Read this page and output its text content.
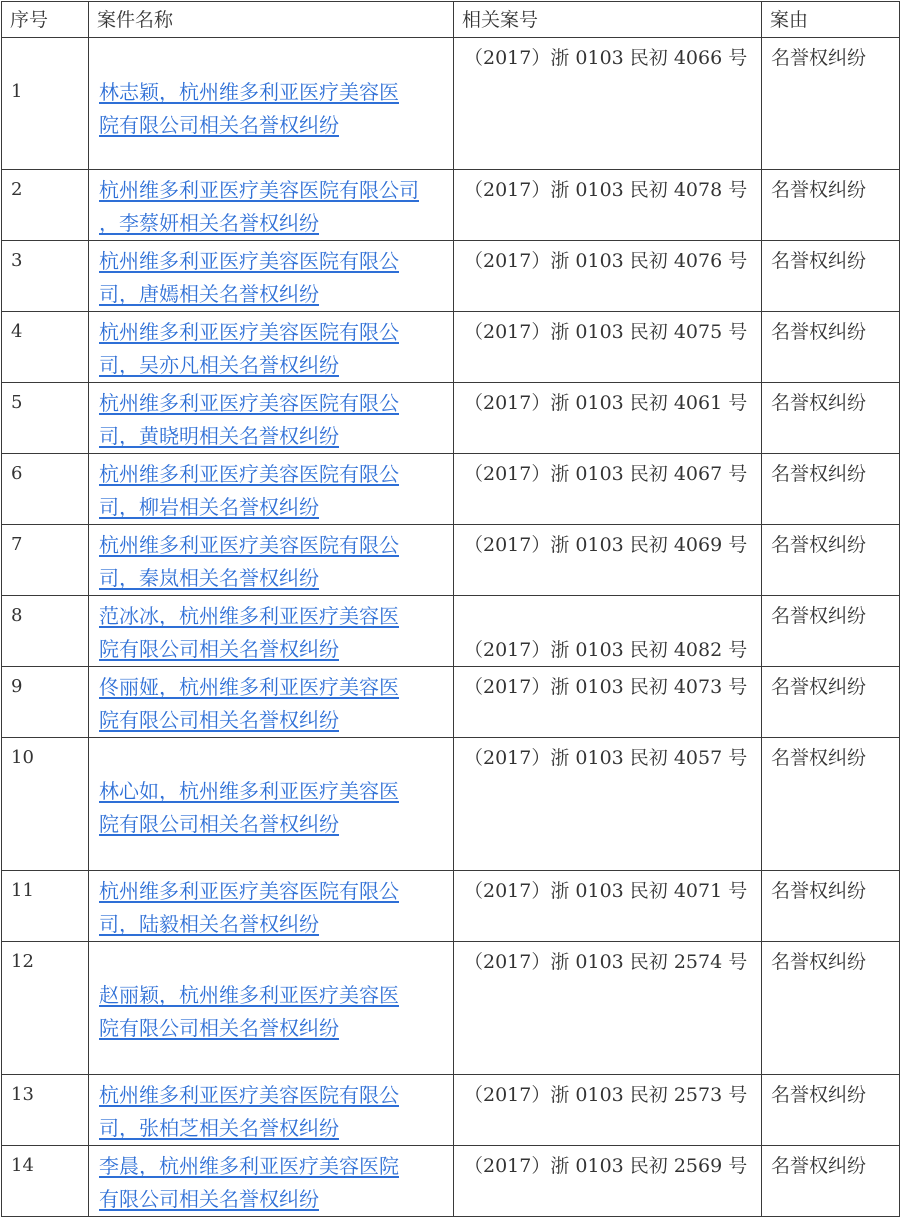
序号	案件名称	相关案号	案由

1	林志颖，杭州维多利亚医疗美容医
院有限公司相关名誉权纠纷	（2017）浙 0103 民初 4066 号	名誉权纠纷

2	杭州维多利亚医疗美容医院有限公司
，李蔡妍相关名誉权纠纷	（2017）浙 0103 民初 4078 号	名誉权纠纷

3	杭州维多利亚医疗美容医院有限公
司，唐嫣相关名誉权纠纷	（2017）浙 0103 民初 4076 号	名誉权纠纷

4	杭州维多利亚医疗美容医院有限公
司，吴亦凡相关名誉权纠纷	（2017）浙 0103 民初 4075 号	名誉权纠纷

5	杭州维多利亚医疗美容医院有限公
司，黄晓明相关名誉权纠纷	（2017）浙 0103 民初 4061 号	名誉权纠纷

6	杭州维多利亚医疗美容医院有限公
司，柳岩相关名誉权纠纷	（2017）浙 0103 民初 4067 号	名誉权纠纷

7	杭州维多利亚医疗美容医院有限公
司，秦岚相关名誉权纠纷	（2017）浙 0103 民初 4069 号	名誉权纠纷

8	范冰冰，杭州维多利亚医疗美容医
院有限公司相关名誉权纠纷	（2017）浙 0103 民初 4082 号	名誉权纠纷

9	佟丽娅，杭州维多利亚医疗美容医
院有限公司相关名誉权纠纷	（2017）浙 0103 民初 4073 号	名誉权纠纷

10	林心如，杭州维多利亚医疗美容医
院有限公司相关名誉权纠纷	（2017）浙 0103 民初 4057 号	名誉权纠纷

11	杭州维多利亚医疗美容医院有限公
司，陆毅相关名誉权纠纷	（2017）浙 0103 民初 4071 号	名誉权纠纷

12	赵丽颖，杭州维多利亚医疗美容医
院有限公司相关名誉权纠纷	（2017）浙 0103 民初 2574 号	名誉权纠纷

13	杭州维多利亚医疗美容医院有限公
司，张柏芝相关名誉权纠纷	（2017）浙 0103 民初 2573 号	名誉权纠纷

14	李晨，杭州维多利亚医疗美容医院
有限公司相关名誉权纠纷	（2017）浙 0103 民初 2569 号	名誉权纠纷
